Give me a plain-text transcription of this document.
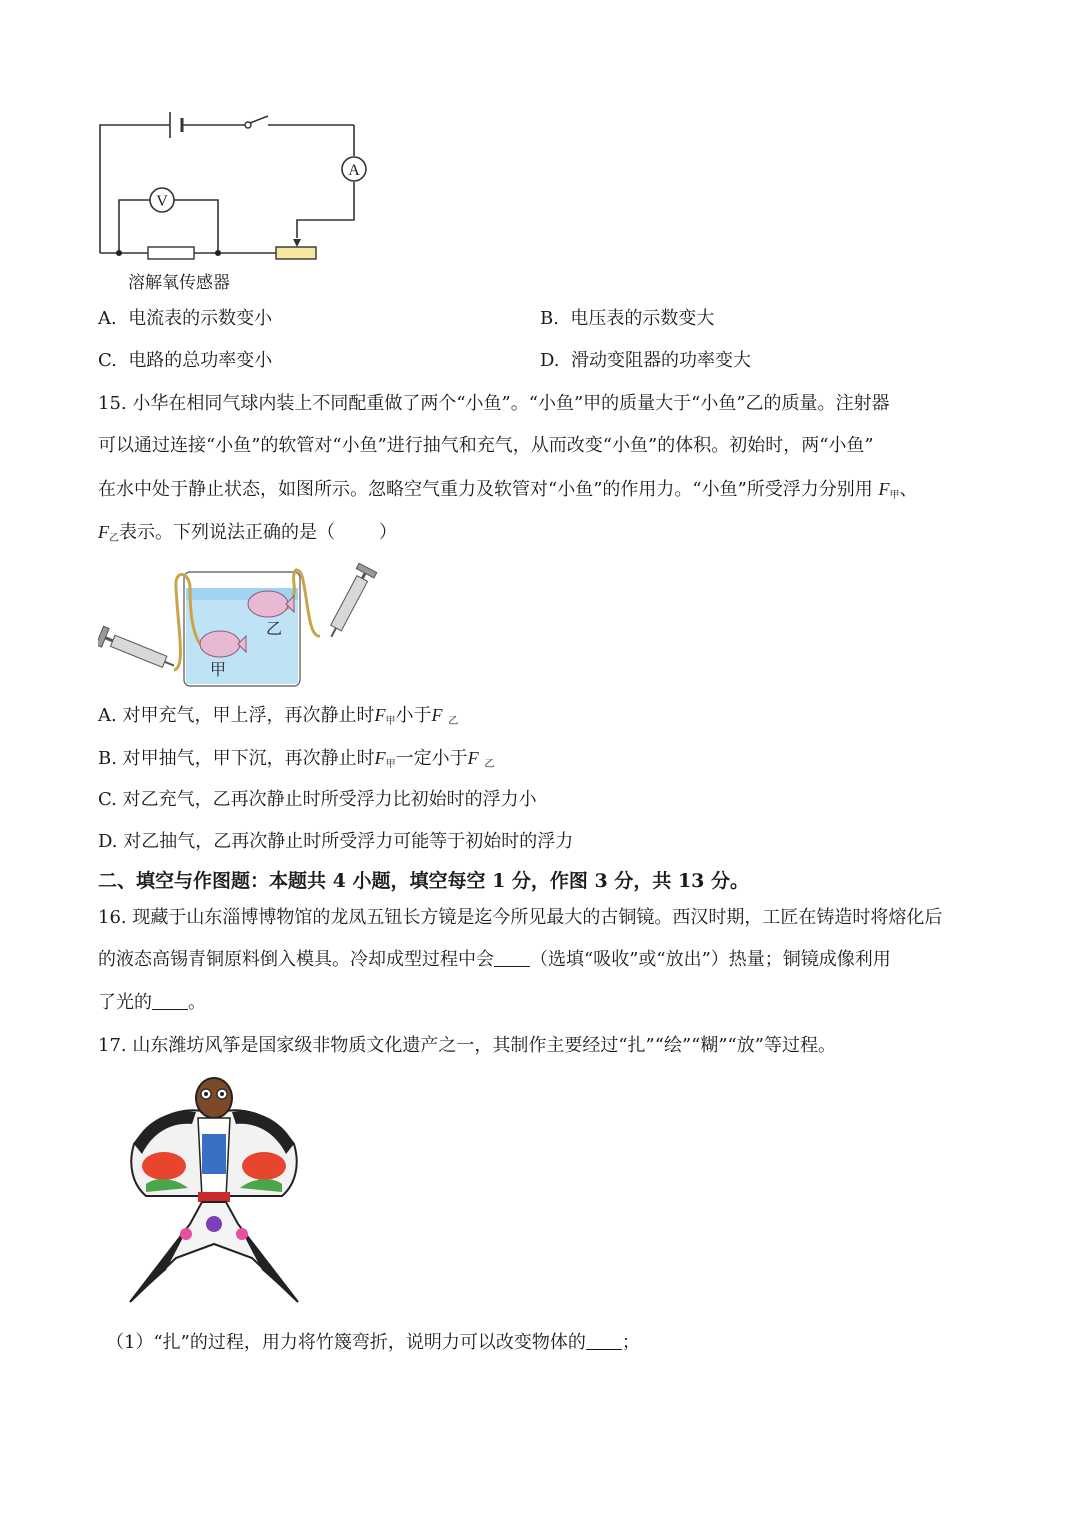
A
V
溶解氧传感器
A. 电流表的示数变小	B. 电压表的示数变大
C. 电路的总功率变小	D. 滑动变阻器的功率变大
15. 小华在相同气球内装上不同配重做了两个“小鱼”。“小鱼”甲的质量大于“小鱼”乙的质量。注射器
可以通过连接“小鱼”的软管对“小鱼”进行抽气和充气，从而改变“小鱼”的体积。初始时，两“小鱼”
在水中处于静止状态，如图所示。忽略空气重力及软管对“小鱼”的作用力。“小鱼”所受浮力分别用 $F_甲$、
$F_乙$表示。下列说法正确的是（ ）
乙
甲
A. 对甲充气，甲上浮，再次静止时$F_甲$小于F $_乙$
B. 对甲抽气，甲下沉，再次静止时$F_甲$一定小于F $_乙$
C. 对乙充气，乙再次静止时所受浮力比初始时的浮力小
D. 对乙抽气，乙再次静止时所受浮力可能等于初始时的浮力
二、填空与作图题：本题共 4 小题，填空每空 1 分，作图 3 分，共 13 分。
16. 现藏于山东淄博博物馆的龙凤五钮长方镜是迄今所见最大的古铜镜。西汉时期，工匠在铸造时将熔化后
的液态高锡青铜原料倒入模具。冷却成型过程中会 （选填“吸收”或“放出”）热量；铜镜成像利用
了光的 。
17. 山东潍坊风筝是国家级非物质文化遗产之一，其制作主要经过“扎”“绘”“糊”“放”等过程。
（1）“扎”的过程，用力将竹篾弯折，说明力可以改变物体的 ；
